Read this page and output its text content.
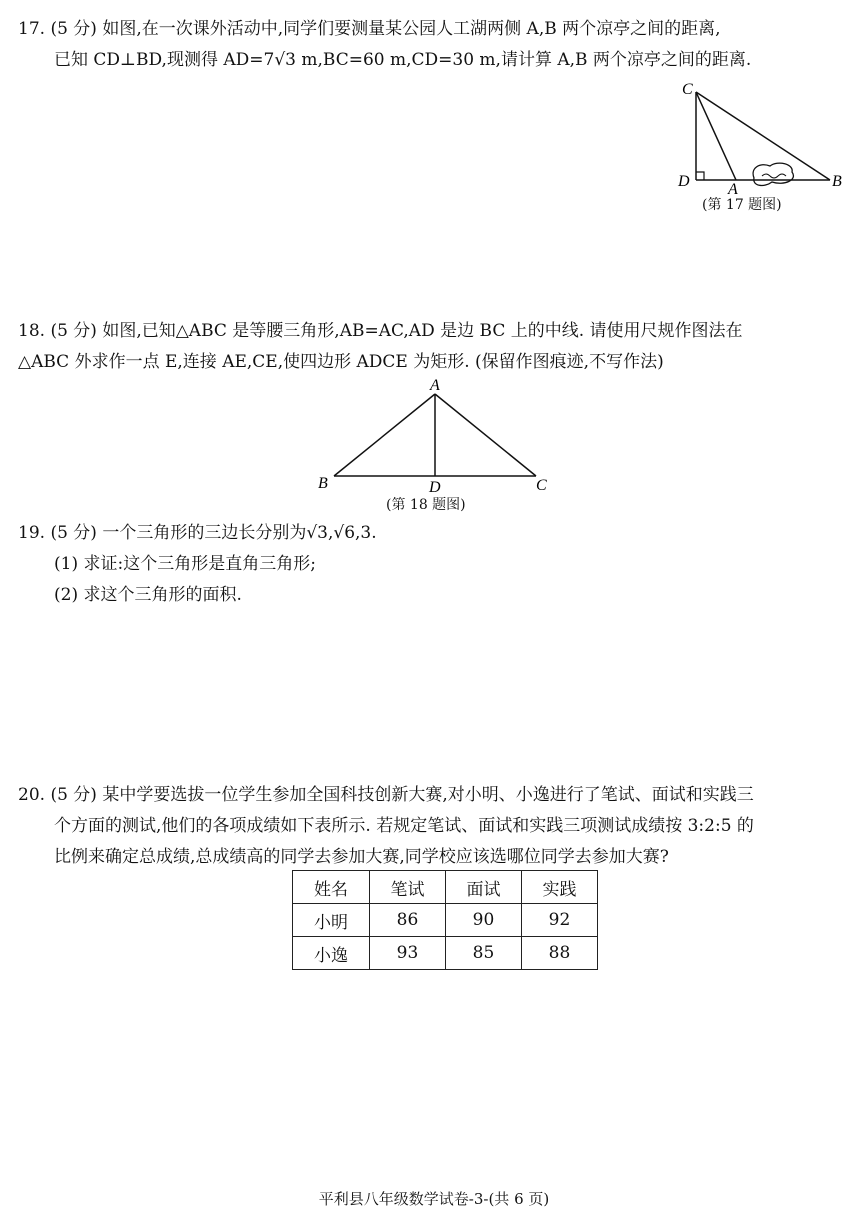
17. (5 分) 如图,在一次课外活动中,同学们要测量某公园人工湖两侧 A,B 两个凉亭之间的距离,
已知 CD⊥BD,现测得 AD=7√3 m,BC=60 m,CD=30 m,请计算 A,B 两个凉亭之间的距离.
C
D A	B
(第 17 题图)
18. (5 分) 如图,已知△ABC 是等腰三角形,AB=AC,AD 是边 BC 上的中线. 请使用尺规作图法在
△ABC 外求作一点 E,连接 AE,CE,使四边形 ADCE 为矩形. (保留作图痕迹,不写作法)
A
B	C
D
(第 18 题图)
19. (5 分) 一个三角形的三边长分别为√3,√6,3.
(1) 求证:这个三角形是直角三角形;
(2) 求这个三角形的面积.
20. (5 分) 某中学要选拔一位学生参加全国科技创新大赛,对小明、小逸进行了笔试、面试和实践三
个方面的测试,他们的各项成绩如下表所示. 若规定笔试、面试和实践三项测试成绩按 3:2:5 的
比例来确定总成绩,总成绩高的同学去参加大赛,同学校应该选哪位同学去参加大赛?
姓名	笔试	面试	实践
小明	86	90	92
小逸	93	85	88
平利县八年级数学试卷-3-(共 6 页)
